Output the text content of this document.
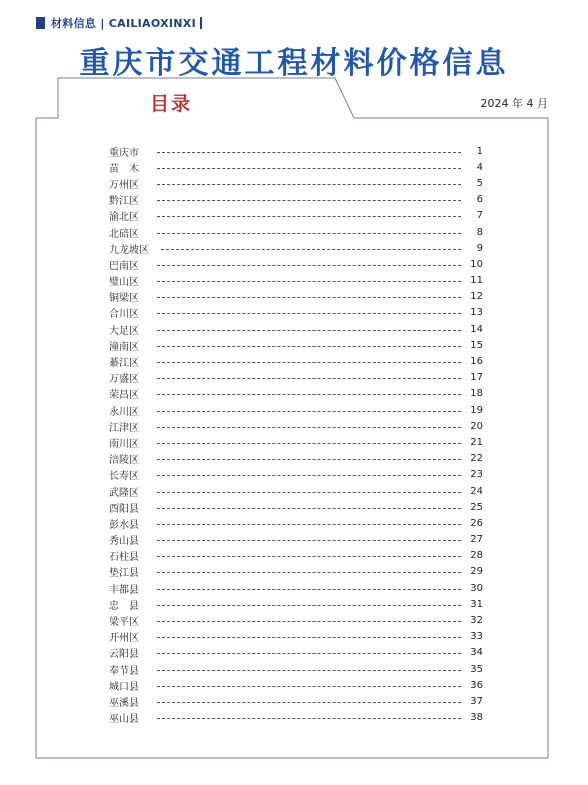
材料信息 | CAILIAOXINXI
重庆市交通工程材料价格信息
目录	2024 年 4 月
重庆市	1
苗　木	4
万州区	5
黔江区	6
渝北区	7
北碚区	8
九龙坡区	9
巴南区	10
璧山区	11
铜梁区	12
合川区	13
大足区	14
潼南区	15
綦江区	16
万盛区	17
荣昌区	18
永川区	19
江津区	20
南川区	21
涪陵区	22
长寿区	23
武隆区	24
酉阳县	25
彭水县	26
秀山县	27
石柱县	28
垫江县	29
丰都县	30
忠　县	31
梁平区	32
开州区	33
云阳县	34
奉节县	35
城口县	36
巫溪县	37
巫山县	38
